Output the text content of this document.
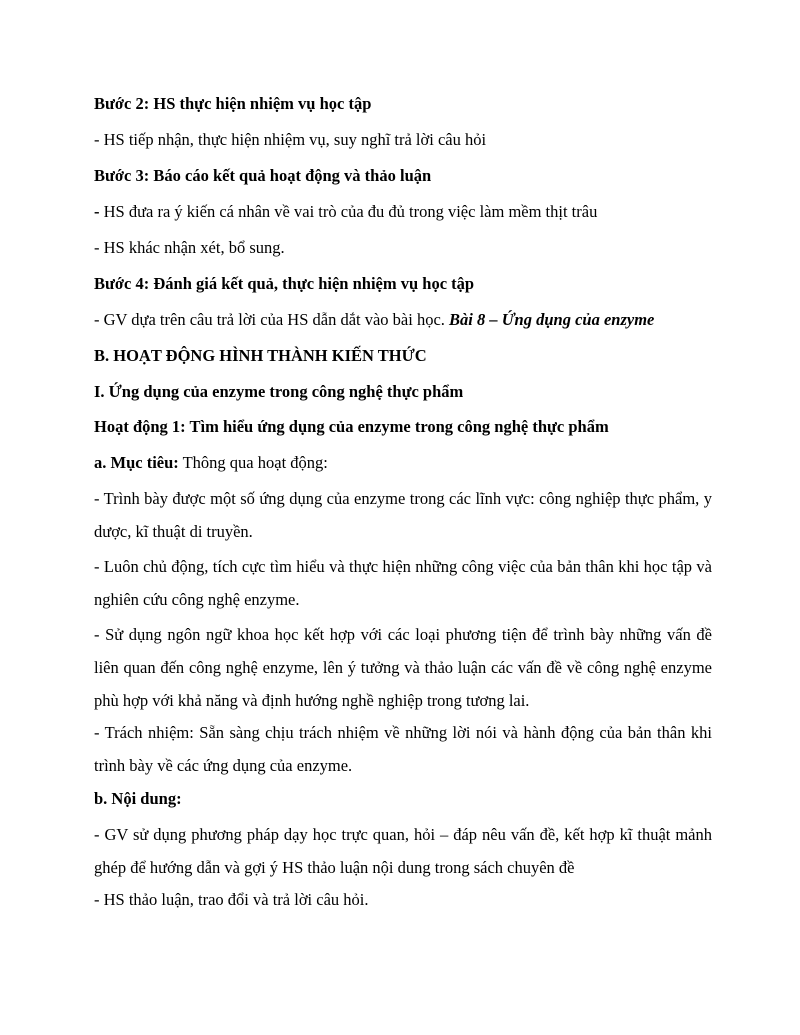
Bước 2: HS thực hiện nhiệm vụ học tập
- HS tiếp nhận, thực hiện nhiệm vụ, suy nghĩ trả lời câu hỏi
Bước 3: Báo cáo kết quả hoạt động và thảo luận
- HS đưa ra ý kiến cá nhân về vai trò của đu đủ trong việc làm mềm thịt trâu
- HS khác nhận xét, bổ sung.
Bước 4: Đánh giá kết quả, thực hiện nhiệm vụ học tập
- GV dựa trên câu trả lời của HS dẫn dắt vào bài học. Bài 8 – Ứng dụng của enzyme
B. HOẠT ĐỘNG HÌNH THÀNH KIẾN THỨC
I. Ứng dụng của enzyme trong công nghệ thực phẩm
Hoạt động 1: Tìm hiểu ứng dụng của enzyme trong công nghệ thực phẩm
a. Mục tiêu: Thông qua hoạt động:
- Trình bày được một số ứng dụng của enzyme trong các lĩnh vực: công nghiệp thực phẩm, y dược, kĩ thuật di truyền.
- Luôn chủ động, tích cực tìm hiểu và thực hiện những công việc của bản thân khi học tập và nghiên cứu công nghệ enzyme.
- Sử dụng ngôn ngữ khoa học kết hợp với các loại phương tiện để trình bày những vấn đề liên quan đến công nghệ enzyme, lên ý tưởng và thảo luận các vấn đề về công nghệ enzyme phù hợp với khả năng và định hướng nghề nghiệp trong tương lai.
- Trách nhiệm: Sẵn sàng chịu trách nhiệm về những lời nói và hành động của bản thân khi trình bày về các ứng dụng của enzyme.
b. Nội dung:
- GV sử dụng phương pháp dạy học trực quan, hỏi – đáp nêu vấn đề, kết hợp kĩ thuật mảnh ghép để hướng dẫn và gợi ý HS thảo luận nội dung trong sách chuyên đề
- HS thảo luận, trao đổi và trả lời câu hỏi.
